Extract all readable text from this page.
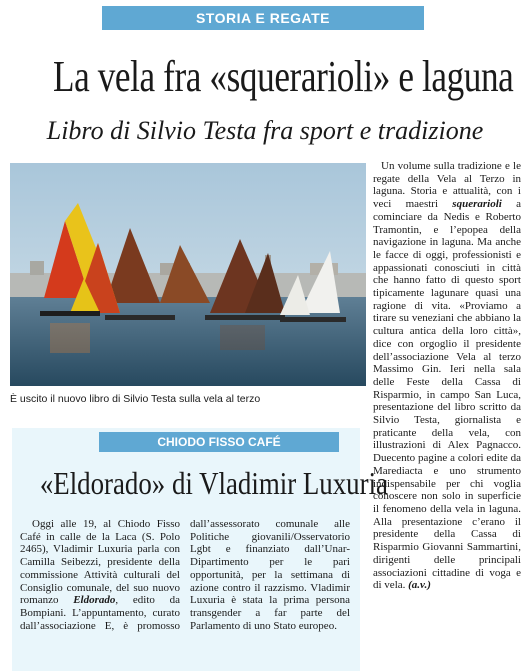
STORIA E REGATE
La vela fra «squerarioli» e laguna
Libro di Silvio Testa fra sport e tradizione
È uscito il nuovo libro di Silvio Testa sulla vela al terzo

Un volume sulla tradizione e le regate della Vela al Terzo in laguna. Storia e attualità, con i veci maestri squerarioli a cominciare da Nedis e Roberto Tramontin, e l’epopea della navigazione in laguna. Ma anche le facce di oggi, professionisti e appassionati conosciuti in città che hanno fatto di questo sport tipicamente lagunare quasi una ragione di vita. «Proviamo a tirare su veneziani che abbiano la cultura antica della loro città», dice con orgoglio il presidente dell’associazione Vela al terzo Massimo Gin. Ieri nella sala delle Feste della Cassa di Risparmio, in campo San Luca, presentazione del libro scritto da Silvio Testa, giornalista e praticante della vela, con illustrazioni di Alex Pagnacco. Duecento pagine a colori edite da Marediacta e uno strumento indispensabile per chi voglia conoscere non solo in superficie il fenomeno della vela in laguna. Alla presentazione c’erano il presidente della Cassa di Risparmio Giovanni Sammartini, dirigenti delle principali associazioni cittadine di voga e di vela. (a.v.)

CHIODO FISSO CAFÉ
«Eldorado» di Vladimir Luxuria

Oggi alle 19, al Chiodo Fisso Café in calle de la Laca (S. Polo 2465), Vladimir Luxuria parla con Camilla Seibezzi, presidente della commissione Attività culturali del Consiglio comunale, del suo nuovo romanzo Eldorado, edito da Bompiani. L’appuntamento, curato dall’associazione E, è promosso dall’assessorato comunale alle Politiche giovanili/Osservatorio Lgbt e finanziato dall’Unar-Dipartimento per le pari opportunità, per la settimana di azione contro il razzismo. Vladimir Luxuria è stata la prima persona transgender a far parte del Parlamento di uno Stato europeo.
